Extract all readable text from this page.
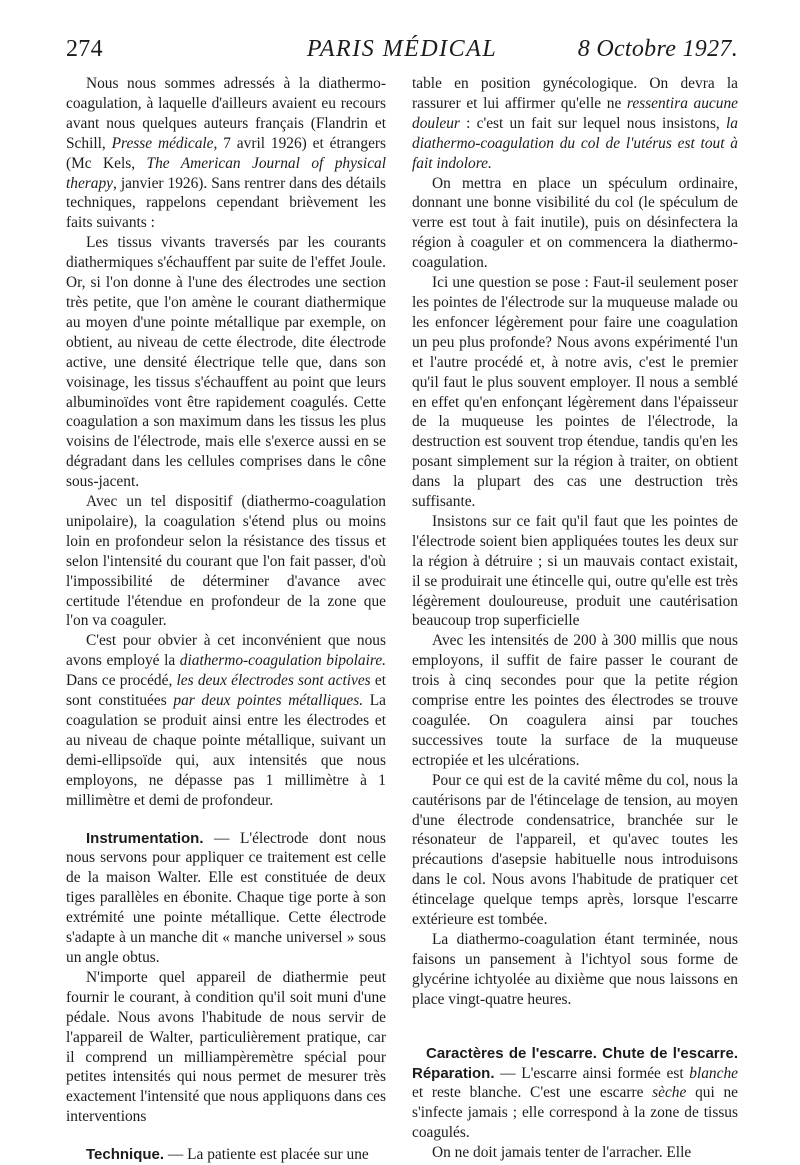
274	PARIS MÉDICAL	8 Octobre 1927.

Nous nous sommes adressés à la diathermo-coagulation, à laquelle d'ailleurs avaient eu recours avant nous quelques auteurs français (Flandrin et Schill, Presse médicale, 7 avril 1926) et étrangers (Mc Kels, The American Journal of physical therapy, janvier 1926). Sans rentrer dans des détails techniques, rappelons cependant brièvement les faits suivants :

Les tissus vivants traversés par les courants diathermiques s'échauffent par suite de l'effet Joule. Or, si l'on donne à l'une des électrodes une section très petite, que l'on amène le courant diathermique au moyen d'une pointe métallique par exemple, on obtient, au niveau de cette électrode, dite électrode active, une densité électrique telle que, dans son voisinage, les tissus s'échauffent au point que leurs albuminoïdes vont être rapidement coagulés. Cette coagulation a son maximum dans les tissus les plus voisins de l'électrode, mais elle s'exerce aussi en se dégradant dans les cellules comprises dans le cône sous-jacent.

Avec un tel dispositif (diathermo-coagulation unipolaire), la coagulation s'étend plus ou moins loin en profondeur selon la résistance des tissus et selon l'intensité du courant que l'on fait passer, d'où l'impossibilité de déterminer d'avance avec certitude l'étendue en profondeur de la zone que l'on va coaguler.

C'est pour obvier à cet inconvénient que nous avons employé la diathermo-coagulation bipolaire. Dans ce procédé, les deux électrodes sont actives et sont constituées par deux pointes métalliques. La coagulation se produit ainsi entre les électrodes et au niveau de chaque pointe métallique, suivant un demi-ellipsoïde qui, aux intensités que nous employons, ne dépasse pas 1 millimètre à 1 millimètre et demi de profondeur.

Instrumentation. — L'électrode dont nous nous servons pour appliquer ce traitement est celle de la maison Walter. Elle est constituée de deux tiges parallèles en ébonite. Chaque tige porte à son extrémité une pointe métallique. Cette électrode s'adapte à un manche dit « manche universel » sous un angle obtus.

N'importe quel appareil de diathermie peut fournir le courant, à condition qu'il soit muni d'une pédale. Nous avons l'habitude de nous servir de l'appareil de Walter, particulièrement pratique, car il comprend un milliampèremètre spécial pour petites intensités qui nous permet de mesurer très exactement l'intensité que nous appliquons dans ces interventions

Technique. — La patiente est placée sur une

table en position gynécologique. On devra la rassurer et lui affirmer qu'elle ne ressentira aucune douleur : c'est un fait sur lequel nous insistons, la diathermo-coagulation du col de l'utérus est tout à fait indolore.

On mettra en place un spéculum ordinaire, donnant une bonne visibilité du col (le spéculum de verre est tout à fait inutile), puis on désinfectera la région à coaguler et on commencera la diathermo-coagulation.

Ici une question se pose : Faut-il seulement poser les pointes de l'électrode sur la muqueuse malade ou les enfoncer légèrement pour faire une coagulation un peu plus profonde? Nous avons expérimenté l'un et l'autre procédé et, à notre avis, c'est le premier qu'il faut le plus souvent employer. Il nous a semblé en effet qu'en enfonçant légèrement dans l'épaisseur de la muqueuse les pointes de l'électrode, la destruction est souvent trop étendue, tandis qu'en les posant simplement sur la région à traiter, on obtient dans la plupart des cas une destruction très suffisante.

Insistons sur ce fait qu'il faut que les pointes de l'électrode soient bien appliquées toutes les deux sur la région à détruire ; si un mauvais contact existait, il se produirait une étincelle qui, outre qu'elle est très légèrement douloureuse, produit une cautérisation beaucoup trop superficielle

Avec les intensités de 200 à 300 millis que nous employons, il suffit de faire passer le courant de trois à cinq secondes pour que la petite région comprise entre les pointes des électrodes se trouve coagulée. On coagulera ainsi par touches successives toute la surface de la muqueuse ectropiée et les ulcérations.

Pour ce qui est de la cavité même du col, nous la cautérisons par de l'étincelage de tension, au moyen d'une électrode condensatrice, branchée sur le résonateur de l'appareil, et qu'avec toutes les précautions d'asepsie habituelle nous introduisons dans le col. Nous avons l'habitude de pratiquer cet étincelage quelque temps après, lorsque l'escarre extérieure est tombée.

La diathermo-coagulation étant terminée, nous faisons un pansement à l'ichtyol sous forme de glycérine ichtyolée au dixième que nous laissons en place vingt-quatre heures.

Caractères de l'escarre. Chute de l'escarre. Réparation. — L'escarre ainsi formée est blanche et reste blanche. C'est une escarre sèche qui ne s'infecte jamais ; elle correspond à la zone de tissus coagulés.

On ne doit jamais tenter de l'arracher. Elle
